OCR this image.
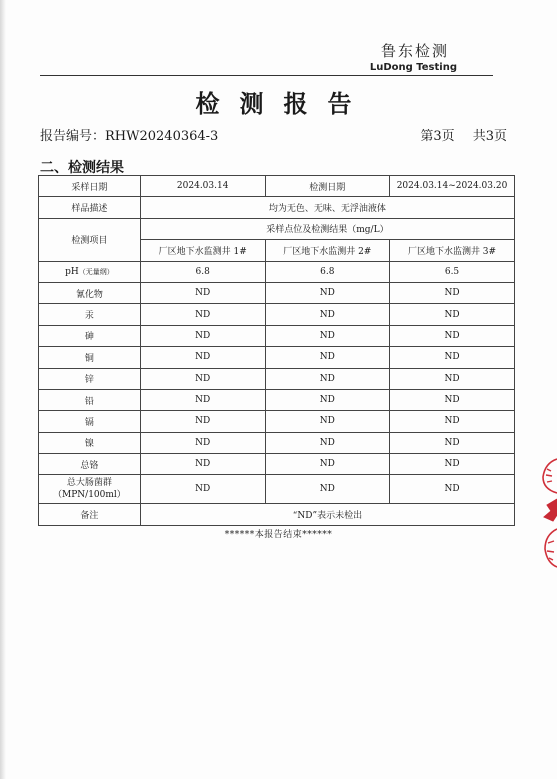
鲁东检测
LuDong Testing
检测报告
报告编号：RHW20240364-3	第3页 共3页
二、检测结果
采样日期	2024.03.14	检测日期	2024.03.14~2024.03.20
样品描述	均为无色、无味、无浮油液体		
检测项目	采样点位及检测结果（mg/L）		
	厂区地下水监测井 1#	厂区地下水监测井 2#	厂区地下水监测井 3#
pH（无量纲）	6.8	6.8	6.5
氰化物	ND	ND	ND
汞	ND	ND	ND
砷	ND	ND	ND
铜	ND	ND	ND
锌	ND	ND	ND
铅	ND	ND	ND
镉	ND	ND	ND
镍	ND	ND	ND
总铬	ND	ND	ND

总大肠菌群
（MPN/100ml）	ND	ND	ND
备注	“ND”表示未检出		
******本报告结束******
